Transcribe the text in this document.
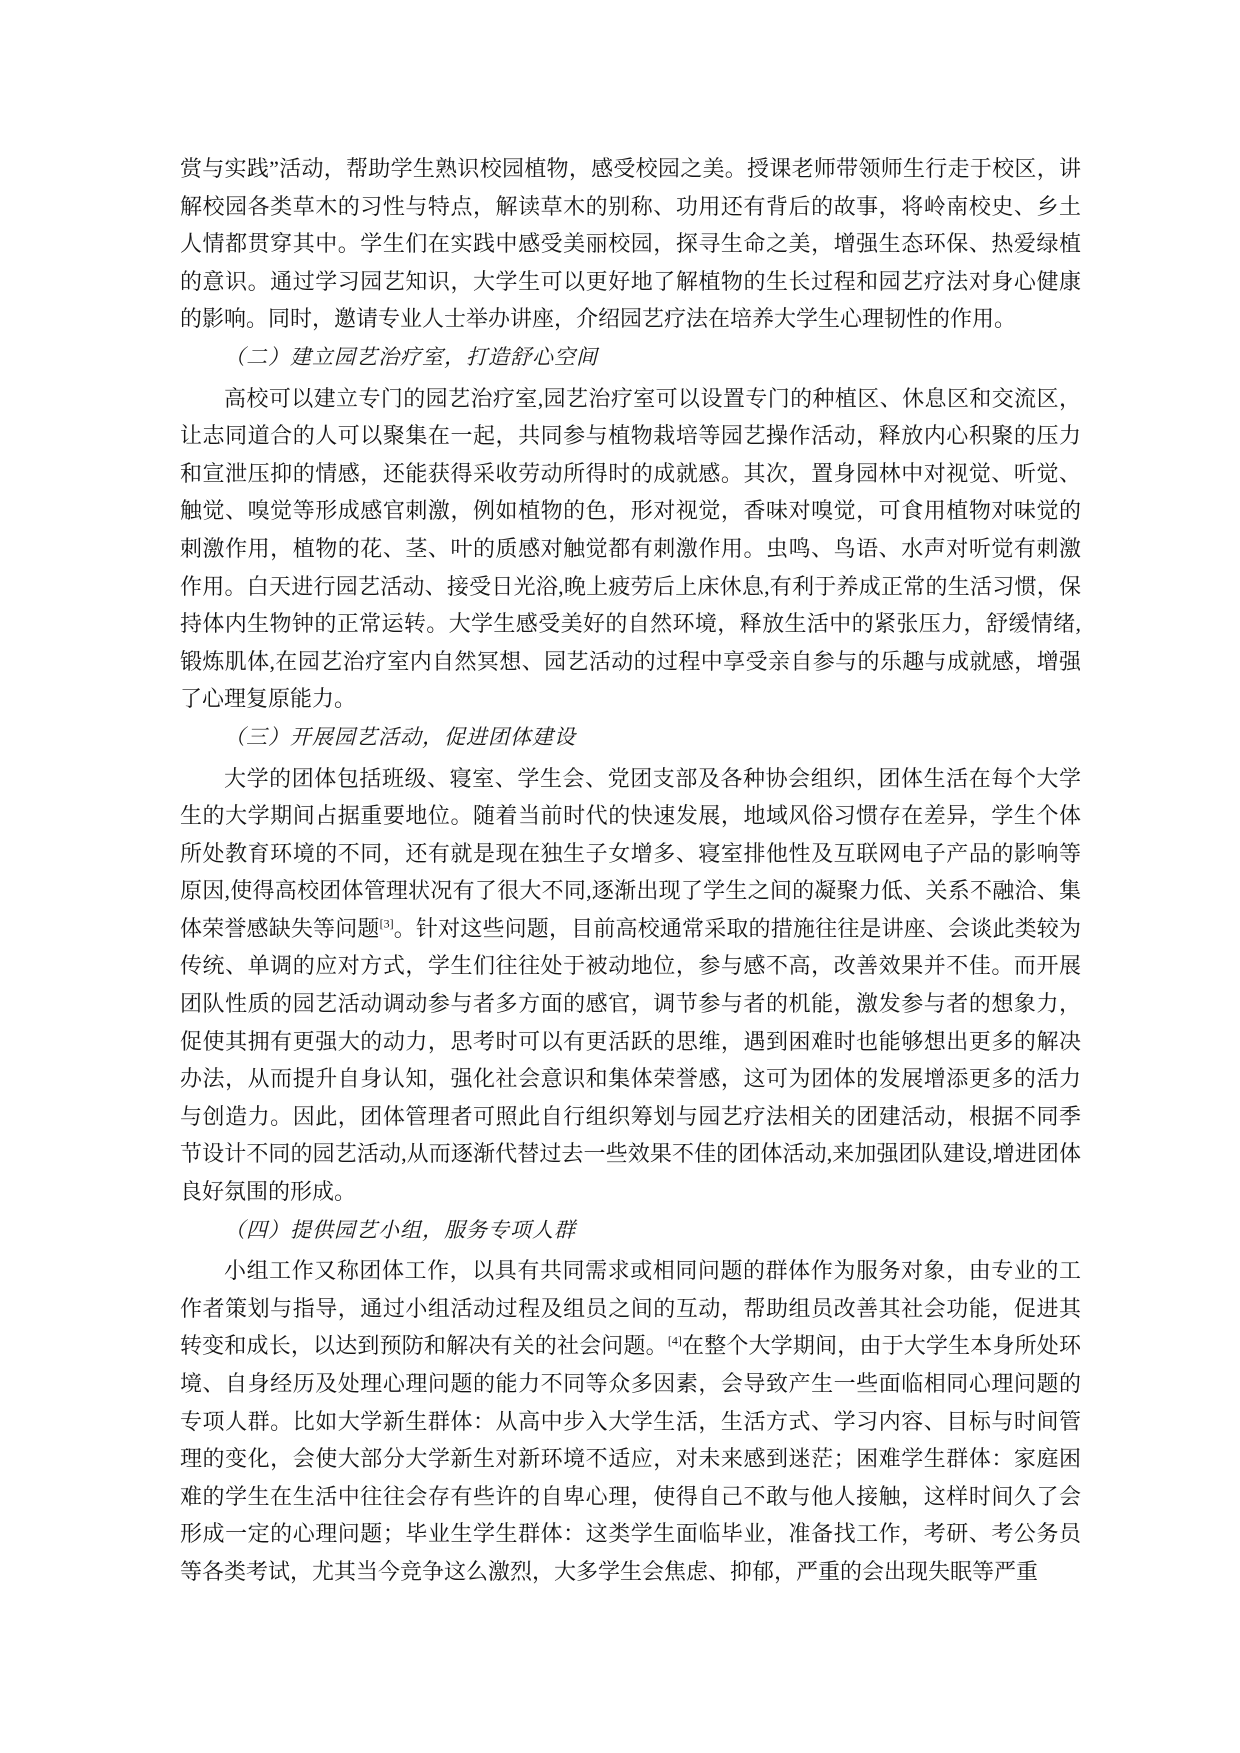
赏与实践”活动，帮助学生熟识校园植物，感受校园之美。授课老师带领师生行走于校区，讲解校园各类草木的习性与特点，解读草木的别称、功用还有背后的故事，将岭南校史、乡土人情都贯穿其中。学生们在实践中感受美丽校园，探寻生命之美，增强生态环保、热爱绿植的意识。通过学习园艺知识，大学生可以更好地了解植物的生长过程和园艺疗法对身心健康的影响。同时，邀请专业人士举办讲座，介绍园艺疗法在培养大学生心理韧性的作用。

（二）建立园艺治疗室，打造舒心空间

高校可以建立专门的园艺治疗室,园艺治疗室可以设置专门的种植区、休息区和交流区，让志同道合的人可以聚集在一起，共同参与植物栽培等园艺操作活动，释放内心积聚的压力和宣泄压抑的情感，还能获得采收劳动所得时的成就感。其次，置身园林中对视觉、听觉、触觉、嗅觉等形成感官刺激，例如植物的色，形对视觉，香味对嗅觉，可食用植物对味觉的刺激作用，植物的花、茎、叶的质感对触觉都有刺激作用。虫鸣、鸟语、水声对听觉有刺激作用。白天进行园艺活动、接受日光浴,晚上疲劳后上床休息,有利于养成正常的生活习惯，保持体内生物钟的正常运转。大学生感受美好的自然环境，释放生活中的紧张压力，舒缓情绪,锻炼肌体,在园艺治疗室内自然冥想、园艺活动的过程中享受亲自参与的乐趣与成就感，增强了心理复原能力。

（三）开展园艺活动，促进团体建设

大学的团体包括班级、寝室、学生会、党团支部及各种协会组织，团体生活在每个大学生的大学期间占据重要地位。随着当前时代的快速发展，地域风俗习惯存在差异，学生个体所处教育环境的不同，还有就是现在独生子女增多、寝室排他性及互联网电子产品的影响等原因,使得高校团体管理状况有了很大不同,逐渐出现了学生之间的凝聚力低、关系不融洽、集体荣誉感缺失等问题[3]。针对这些问题，目前高校通常采取的措施往往是讲座、会谈此类较为传统、单调的应对方式，学生们往往处于被动地位，参与感不高，改善效果并不佳。而开展团队性质的园艺活动调动参与者多方面的感官，调节参与者的机能，激发参与者的想象力，促使其拥有更强大的动力，思考时可以有更活跃的思维，遇到困难时也能够想出更多的解决办法，从而提升自身认知，强化社会意识和集体荣誉感，这可为团体的发展增添更多的活力与创造力。因此，团体管理者可照此自行组织筹划与园艺疗法相关的团建活动，根据不同季节设计不同的园艺活动,从而逐渐代替过去一些效果不佳的团体活动,来加强团队建设,增进团体良好氛围的形成。

（四）提供园艺小组，服务专项人群

小组工作又称团体工作，以具有共同需求或相同问题的群体作为服务对象，由专业的工作者策划与指导，通过小组活动过程及组员之间的互动，帮助组员改善其社会功能，促进其转变和成长，以达到预防和解决有关的社会问题。[4]在整个大学期间，由于大学生本身所处环境、自身经历及处理心理问题的能力不同等众多因素，会导致产生一些面临相同心理问题的专项人群。比如大学新生群体：从高中步入大学生活，生活方式、学习内容、目标与时间管理的变化，会使大部分大学新生对新环境不适应，对未来感到迷茫；困难学生群体：家庭困难的学生在生活中往往会存有些许的自卑心理，使得自己不敢与他人接触，这样时间久了会形成一定的心理问题；毕业生学生群体：这类学生面临毕业，准备找工作，考研、考公务员等各类考试，尤其当今竞争这么激烈，大多学生会焦虑、抑郁，严重的会出现失眠等严重
